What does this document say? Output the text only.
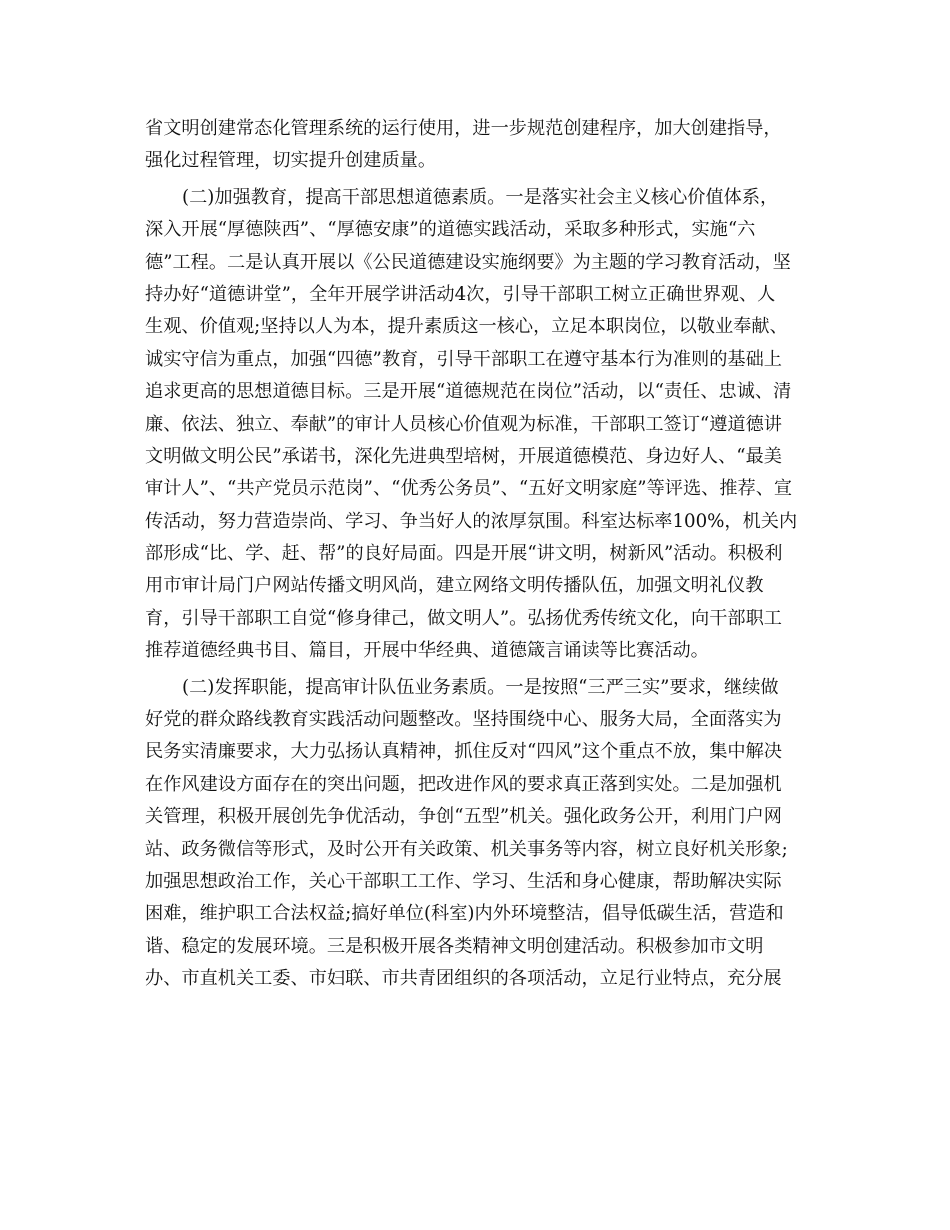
省文明创建常态化管理系统的运行使用，进一步规范创建程序，加大创建指导，
强化过程管理，切实提升创建质量。
(二)加强教育，提高干部思想道德素质。一是落实社会主义核心价值体系，
深入开展“厚德陕西”、“厚德安康”的道德实践活动，采取多种形式，实施“六
德”工程。二是认真开展以《公民道德建设实施纲要》为主题的学习教育活动，坚
持办好“道德讲堂”，全年开展学讲活动4次，引导干部职工树立正确世界观、人
生观、价值观;坚持以人为本，提升素质这一核心，立足本职岗位，以敬业奉献、
诚实守信为重点，加强“四德”教育，引导干部职工在遵守基本行为准则的基础上
追求更高的思想道德目标。三是开展“道德规范在岗位”活动，以“责任、忠诚、清
廉、依法、独立、奉献”的审计人员核心价值观为标准，干部职工签订“遵道德讲
文明做文明公民”承诺书，深化先进典型培树，开展道德模范、身边好人、“最美
审计人”、“共产党员示范岗”、“优秀公务员”、“五好文明家庭”等评选、推荐、宣
传活动，努力营造崇尚、学习、争当好人的浓厚氛围。科室达标率100%，机关内
部形成“比、学、赶、帮”的良好局面。四是开展“讲文明，树新风”活动。积极利
用市审计局门户网站传播文明风尚，建立网络文明传播队伍，加强文明礼仪教
育，引导干部职工自觉“修身律己，做文明人”。弘扬优秀传统文化，向干部职工
推荐道德经典书目、篇目，开展中华经典、道德箴言诵读等比赛活动。
(二)发挥职能，提高审计队伍业务素质。一是按照“三严三实”要求，继续做
好党的群众路线教育实践活动问题整改。坚持围绕中心、服务大局，全面落实为
民务实清廉要求，大力弘扬认真精神，抓住反对“四风”这个重点不放，集中解决
在作风建设方面存在的突出问题，把改进作风的要求真正落到实处。二是加强机
关管理，积极开展创先争优活动，争创“五型”机关。强化政务公开，利用门户网
站、政务微信等形式，及时公开有关政策、机关事务等内容，树立良好机关形象;
加强思想政治工作，关心干部职工工作、学习、生活和身心健康，帮助解决实际
困难，维护职工合法权益;搞好单位(科室)内外环境整洁，倡导低碳生活，营造和
谐、稳定的发展环境。三是积极开展各类精神文明创建活动。积极参加市文明
办、市直机关工委、市妇联、市共青团组织的各项活动，立足行业特点，充分展
